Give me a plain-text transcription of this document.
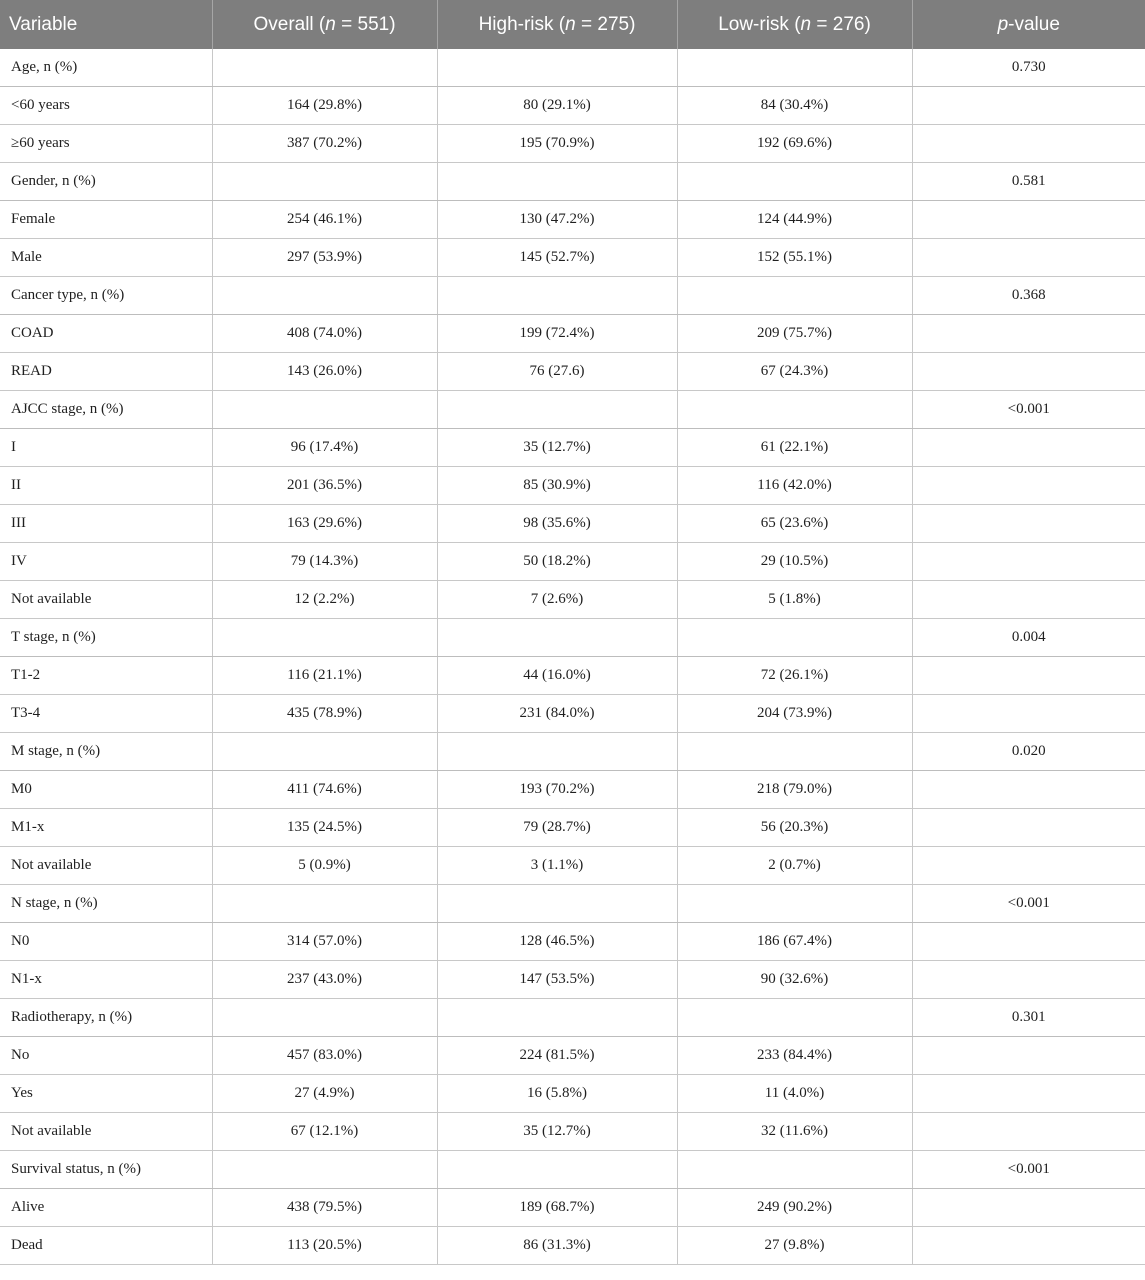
Variable	Overall (n = 551)	High-risk (n = 275)	Low-risk (n = 276)	p-value
Age, n (%)				0.730
<60 years	164 (29.8%)	80 (29.1%)	84 (30.4%)	
≥60 years	387 (70.2%)	195 (70.9%)	192 (69.6%)	
Gender, n (%)				0.581
Female	254 (46.1%)	130 (47.2%)	124 (44.9%)	
Male	297 (53.9%)	145 (52.7%)	152 (55.1%)	
Cancer type, n (%)				0.368
COAD	408 (74.0%)	199 (72.4%)	209 (75.7%)	
READ	143 (26.0%)	76 (27.6)	67 (24.3%)	
AJCC stage, n (%)				<0.001
I	96 (17.4%)	35 (12.7%)	61 (22.1%)	
II	201 (36.5%)	85 (30.9%)	116 (42.0%)	
III	163 (29.6%)	98 (35.6%)	65 (23.6%)	
IV	79 (14.3%)	50 (18.2%)	29 (10.5%)	
Not available	12 (2.2%)	7 (2.6%)	5 (1.8%)	
T stage, n (%)				0.004
T1-2	116 (21.1%)	44 (16.0%)	72 (26.1%)	
T3-4	435 (78.9%)	231 (84.0%)	204 (73.9%)	
M stage, n (%)				0.020
M0	411 (74.6%)	193 (70.2%)	218 (79.0%)	
M1-x	135 (24.5%)	79 (28.7%)	56 (20.3%)	
Not available	5 (0.9%)	3 (1.1%)	2 (0.7%)	
N stage, n (%)				<0.001
N0	314 (57.0%)	128 (46.5%)	186 (67.4%)	
N1-x	237 (43.0%)	147 (53.5%)	90 (32.6%)	
Radiotherapy, n (%)				0.301
No	457 (83.0%)	224 (81.5%)	233 (84.4%)	
Yes	27 (4.9%)	16 (5.8%)	11 (4.0%)	
Not available	67 (12.1%)	35 (12.7%)	32 (11.6%)	
Survival status, n (%)				<0.001
Alive	438 (79.5%)	189 (68.7%)	249 (90.2%)	
Dead	113 (20.5%)	86 (31.3%)	27 (9.8%)	
